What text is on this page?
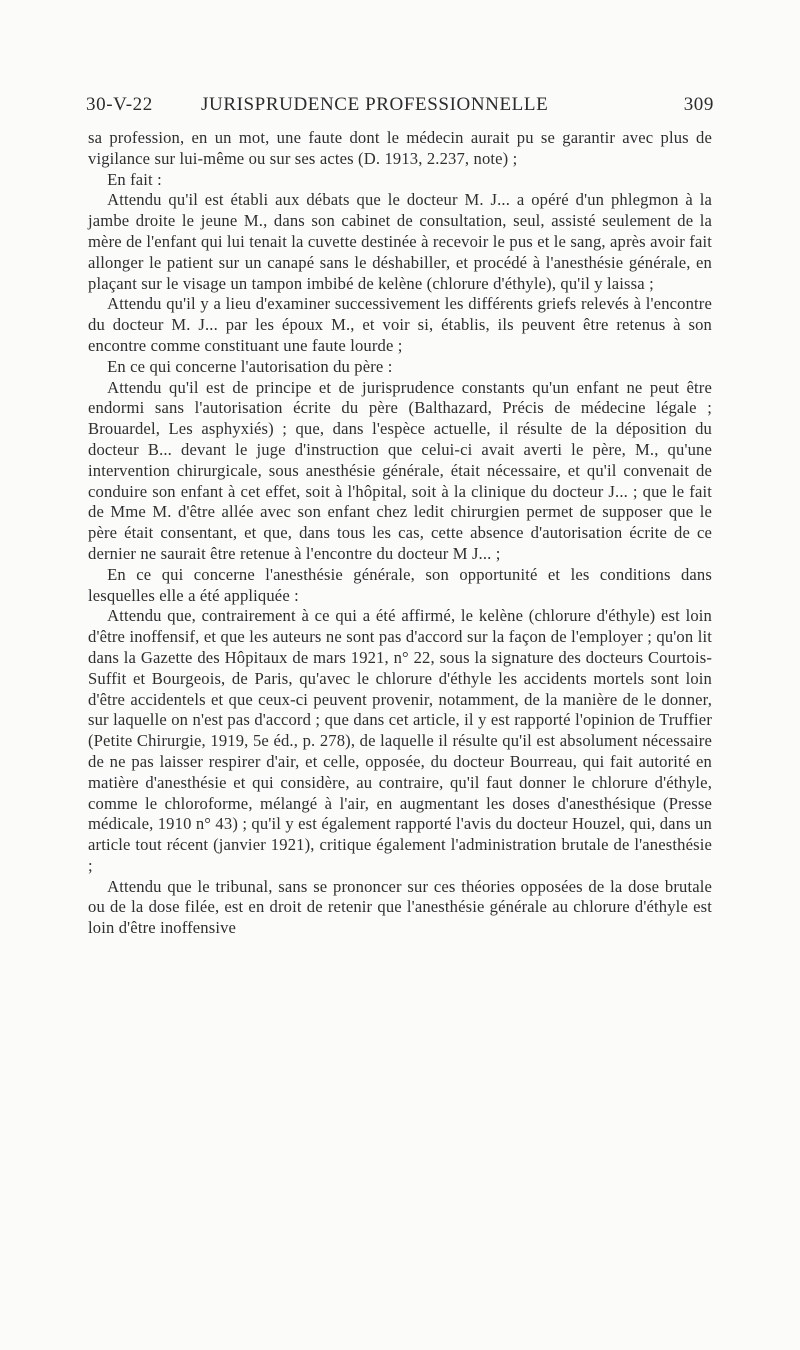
30-V-22	JURISPRUDENCE PROFESSIONNELLE	309

sa profession, en un mot, une faute dont le médecin aurait pu se garantir avec plus de vigilance sur lui-même ou sur ses actes (D. 1913, 2.237, note) ;

En fait :

Attendu qu'il est établi aux débats que le docteur M. J... a opéré d'un phlegmon à la jambe droite le jeune M., dans son cabinet de consultation, seul, assisté seulement de la mère de l'enfant qui lui tenait la cuvette destinée à recevoir le pus et le sang, après avoir fait allonger le patient sur un canapé sans le déshabiller, et procédé à l'anesthésie générale, en plaçant sur le visage un tampon imbibé de kelène (chlorure d'éthyle), qu'il y laissa ;

Attendu qu'il y a lieu d'examiner successivement les différents griefs relevés à l'encontre du docteur M. J... par les époux M., et voir si, établis, ils peuvent être retenus à son encontre comme constituant une faute lourde ;

En ce qui concerne l'autorisation du père :

Attendu qu'il est de principe et de jurisprudence constants qu'un enfant ne peut être endormi sans l'autorisation écrite du père (Balthazard, Précis de médecine légale ; Brouardel, Les asphyxiés) ; que, dans l'espèce actuelle, il résulte de la déposition du docteur B... devant le juge d'instruction que celui-ci avait averti le père, M., qu'une intervention chirurgicale, sous anesthésie générale, était nécessaire, et qu'il convenait de conduire son enfant à cet effet, soit à l'hôpital, soit à la clinique du docteur J... ; que le fait de Mme M. d'être allée avec son enfant chez ledit chirurgien permet de supposer que le père était consentant, et que, dans tous les cas, cette absence d'autorisation écrite de ce dernier ne saurait être retenue à l'encontre du docteur M J... ;

En ce qui concerne l'anesthésie générale, son opportunité et les conditions dans lesquelles elle a été appliquée :

Attendu que, contrairement à ce qui a été affirmé, le kelène (chlorure d'éthyle) est loin d'être inoffensif, et que les auteurs ne sont pas d'accord sur la façon de l'employer ; qu'on lit dans la Gazette des Hôpitaux de mars 1921, n° 22, sous la signature des docteurs Courtois-Suffit et Bourgeois, de Paris, qu'avec le chlorure d'éthyle les accidents mortels sont loin d'être accidentels et que ceux-ci peuvent provenir, notamment, de la manière de le donner, sur laquelle on n'est pas d'accord ; que dans cet article, il y est rapporté l'opinion de Truffier (Petite Chirurgie, 1919, 5e éd., p. 278), de laquelle il résulte qu'il est absolument nécessaire de ne pas laisser respirer d'air, et celle, opposée, du docteur Bourreau, qui fait autorité en matière d'anesthésie et qui considère, au contraire, qu'il faut donner le chlorure d'éthyle, comme le chloroforme, mélangé à l'air, en augmentant les doses d'anesthésique (Presse médicale, 1910 n° 43) ; qu'il y est également rapporté l'avis du docteur Houzel, qui, dans un article tout récent (janvier 1921), critique également l'administration brutale de l'anesthésie ;

Attendu que le tribunal, sans se prononcer sur ces théories opposées de la dose brutale ou de la dose filée, est en droit de retenir que l'anesthésie générale au chlorure d'éthyle est loin d'être inoffensive
